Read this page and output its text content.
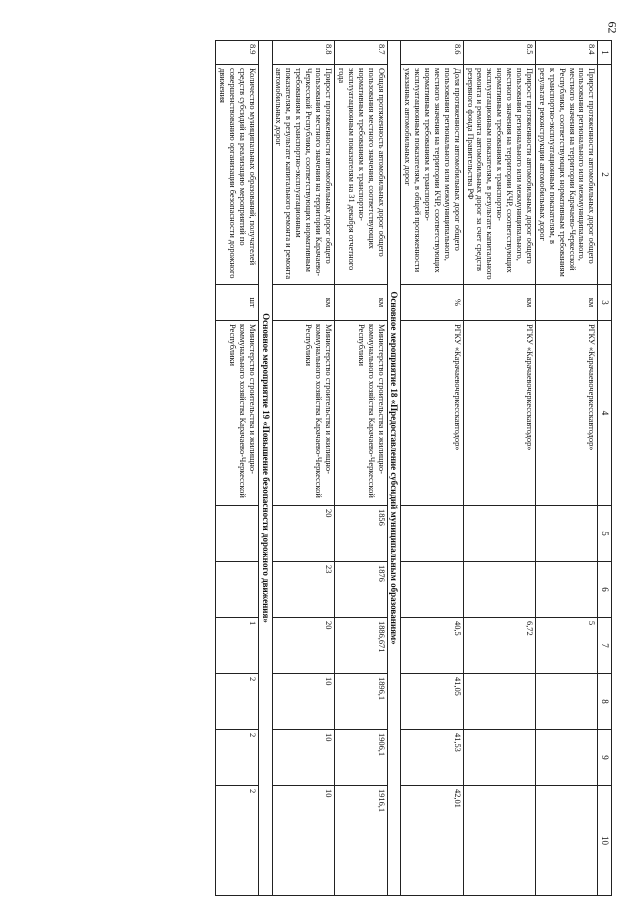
62
1	2	3	4	5	6	7	8	9	10
8.4	Прирост протяженности автомобильных дорог общего пользования регионального или межмуниципального, местного значения на территории Карачаево-Черкесской Республики, соответствующих нормативным требованиям к транспортно-эксплуатационным показателям, в результате реконструкции автомобильных дорог	км	РГКУ «Карачаевочеркесскавтодор»			5			
8.5	Прирост протяженности автомобильных дорог общего пользования регионального или межмуниципального, местного значения на территории КЧР, соответствующих нормативным требованиям к транспортно-эксплуатационным показателям, в результате капитального ремонта и ремонта автомобильных дорог за счет средств резервного фонда Правительства РФ	км	РГКУ «Карачаевочеркесскавтодор»			6,72			
8.6	Доля протяженности автомобильных дорог общего пользования регионального или межмуниципального, местного значения на территории КЧР, соответствующих нормативным требованиям к транспортно-эксплуатационным показателям, в общей протяженности указанных автомобильных дорог	%	РГКУ «Карачаевочеркесскавтодор»			40,5	41,05	41,53	42,01
Основное мероприятие 18 «Предоставление субсидий муниципальным образованиям»									
8.7	Общая протяженность автомобильных дорог общего пользования местного значения, соответствующих нормативным требованиям к транспортно-эксплуатационным показателям на 31 декабря отчетного года	км	Министерство строительства и жилищно-коммунального хозяйства Карачаево-Черкесской Республики	1856	1876	1886,671	1896,1	1906,1	1916,1
8.8	Прирост протяженности автомобильных дорог общего пользования местного значения на территории Карачаево-Черкесской Республики, соответствующих нормативным требованиям к транспортно-эксплуатационным показателям, в результате капитального ремонта и ремонта автомобильных дорог	км	Министерство строительства и жилищно-коммунального хозяйства Карачаево-Черкесской Республики	20	23	20	10	10	10
Основное мероприятие 19 «Повышение безопасности дорожного движения»									
8.9	Количество муниципальных образований, получателей средств субсидий на реализацию мероприятий по совершенствованию организации безопасности дорожного движения	шт	Министерство строительства и жилищно-коммунального хозяйства Карачаево-Черкесской Республики			1	2	2	2
